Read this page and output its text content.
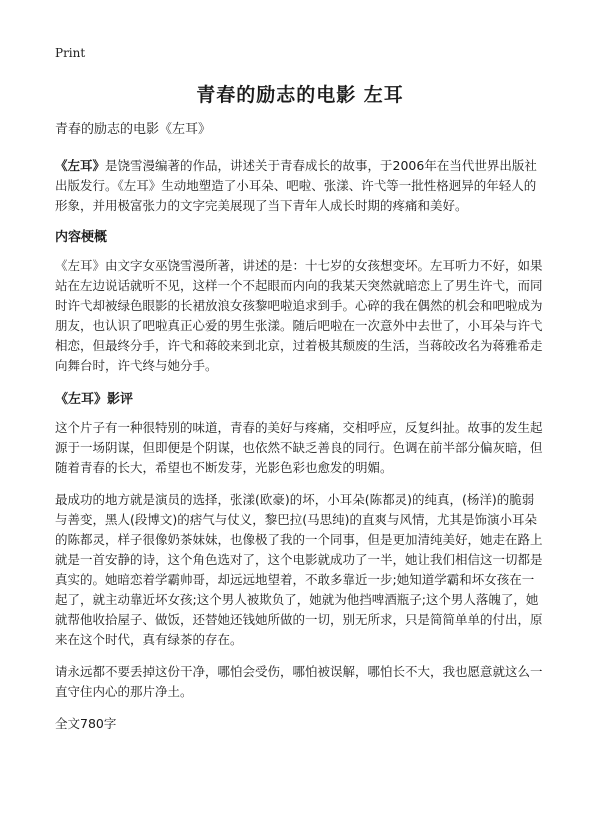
Print
青春的励志的电影 左耳

青春的励志的电影《左耳》

《左耳》是饶雪漫编著的作品，讲述关于青春成长的故事，于2006年在当代世界出版社出版发行。《左耳》生动地塑造了小耳朵、吧啦、张漾、许弋等一批性格迥异的年轻人的形象，并用极富张力的文字完美展现了当下青年人成长时期的疼痛和美好。

内容梗概

《左耳》由文字女巫饶雪漫所著，讲述的是：十七岁的女孩想变坏。左耳听力不好，如果站在左边说话就听不见，这样一个不起眼而内向的我某天突然就暗恋上了男生许弋，而同时许弋却被绿色眼影的长裙放浪女孩黎吧啦追求到手。心碎的我在偶然的机会和吧啦成为朋友，也认识了吧啦真正心爱的男生张漾。随后吧啦在一次意外中去世了，小耳朵与许弋相恋，但最终分手，许弋和蒋皎来到北京，过着极其颓废的生活，当蒋皎改名为蒋雅希走向舞台时，许弋终与她分手。

《左耳》影评

这个片子有一种很特别的味道，青春的美好与疼痛，交相呼应，反复纠扯。故事的发生起源于一场阴谋，但即便是个阴谋，也依然不缺乏善良的同行。色调在前半部分偏灰暗，但随着青春的长大，希望也不断发芽，光影色彩也愈发的明媚。

最成功的地方就是演员的选择，张漾(欧豪)的坏，小耳朵(陈都灵)的纯真，(杨洋)的脆弱与善变，黑人(段博文)的痞气与仗义，黎巴拉(马思纯)的直爽与风情，尤其是饰演小耳朵的陈都灵，样子很像奶茶妹妹，也像极了我的一个同事，但是更加清纯美好，她走在路上就是一首安静的诗，这个角色选对了，这个电影就成功了一半，她让我们相信这一切都是真实的。她暗恋着学霸帅哥，却远远地望着，不敢多靠近一步;她知道学霸和坏女孩在一起了，就主动靠近坏女孩;这个男人被欺负了，她就为他挡啤酒瓶子;这个男人落魄了，她就帮他收拾屋子、做饭，还替她还钱她所做的一切，别无所求，只是简简单单的付出，原来在这个时代，真有绿茶的存在。

请永远都不要丢掉这份干净，哪怕会受伤，哪怕被误解，哪怕长不大，我也愿意就这么一直守住内心的那片净土。

全文780字
